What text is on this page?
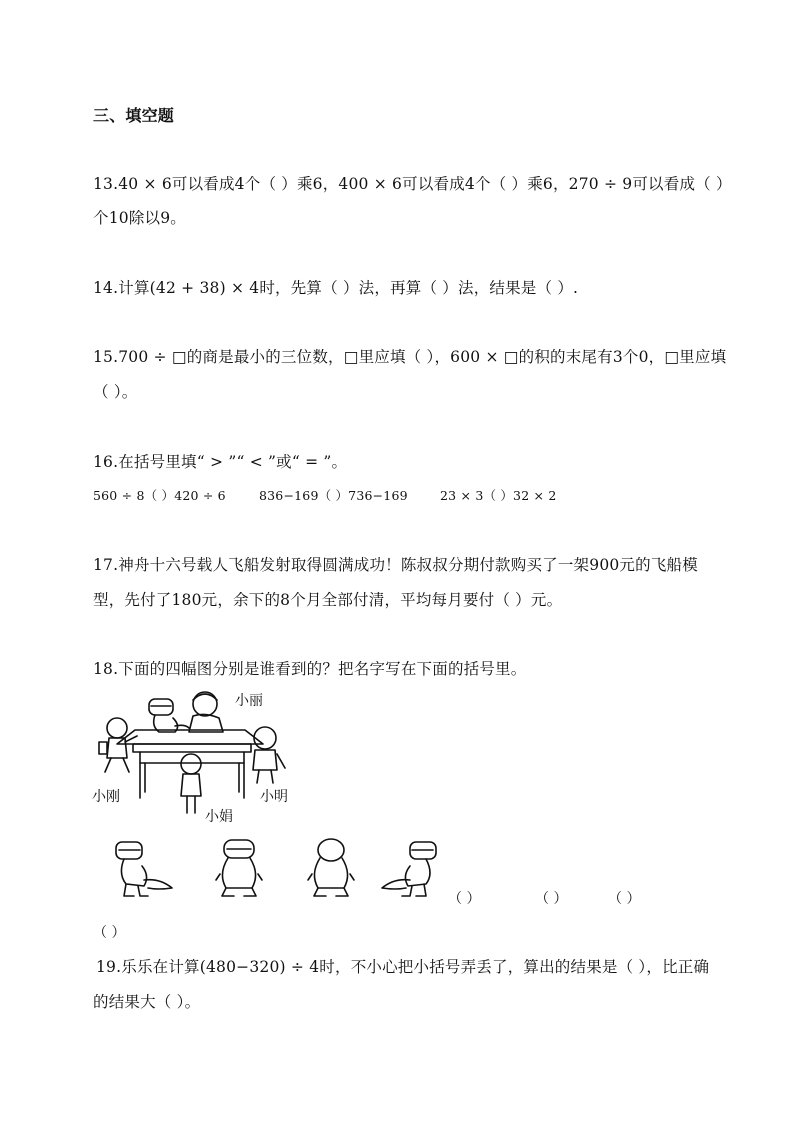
三、填空题
13.40 × 6可以看成4个（ ）乘6，400 × 6可以看成4个（ ）乘6，270 ÷ 9可以看成（ ）
个10除以9。
14.计算(42 + 38) × 4时，先算（ ）法，再算（ ）法，结果是（ ）.
15.700 ÷ □的商是最小的三位数，□里应填（ ），600 × □的积的末尾有3个0，□里应填
（ ）。
16.在括号里填“ > ”“ < ”或“ = ”。
560 ÷ 8（ ）420 ÷ 6	836−169（ ）736−169	23 × 3（ ）32 × 2
17.神舟十六号载人飞船发射取得圆满成功！陈叔叔分期付款购买了一架900元的飞船模
型，先付了180元，余下的8个月全部付清，平均每月要付（ ）元。
18.下面的四幅图分别是谁看到的？把名字写在下面的括号里。
小丽
小刚	小明
小娟
（ ）	（ ）	（ ）
（ ）
19.乐乐在计算(480−320) ÷ 4时，不小心把小括号弄丢了，算出的结果是（ ），比正确
的结果大（ ）。
